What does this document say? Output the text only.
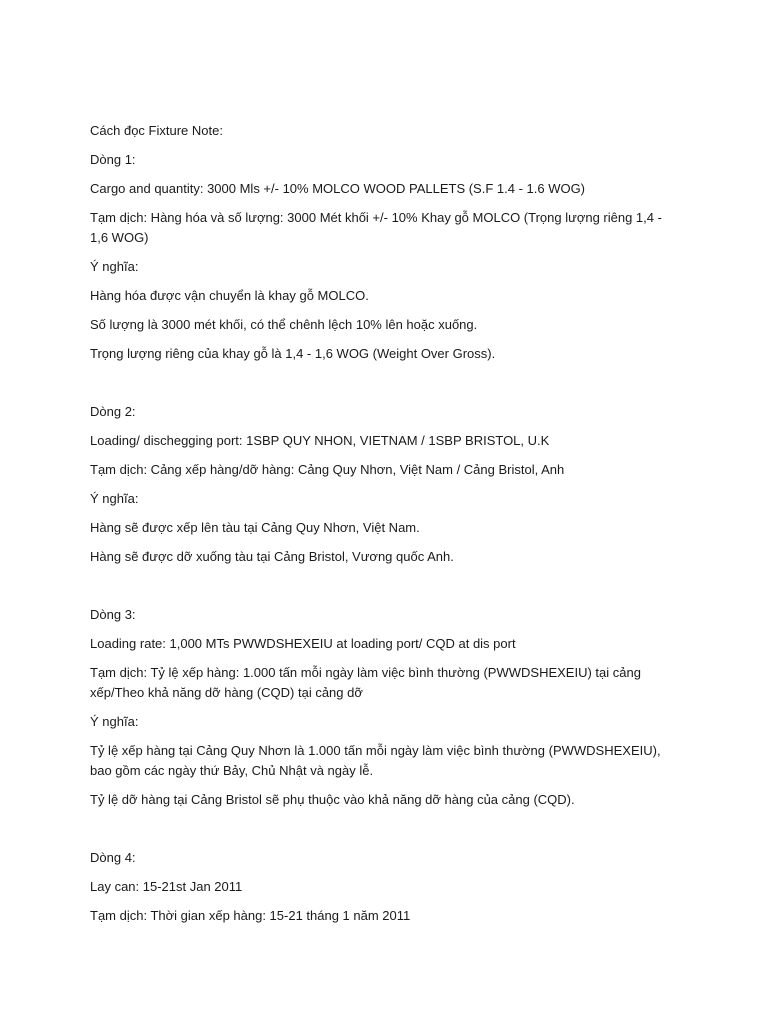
Cách đọc Fixture Note:

Dòng 1:

Cargo and quantity: 3000 Mls +/- 10% MOLCO WOOD PALLETS (S.F 1.4 - 1.6 WOG)

Tạm dịch: Hàng hóa và số lượng: 3000 Mét khối +/- 10% Khay gỗ MOLCO (Trọng lượng riêng 1,4 - 1,6 WOG)

Ý nghĩa:

Hàng hóa được vận chuyển là khay gỗ MOLCO.

Số lượng là 3000 mét khối, có thể chênh lệch 10% lên hoặc xuống.

Trọng lượng riêng của khay gỗ là 1,4 - 1,6 WOG (Weight Over Gross).

Dòng 2:

Loading/ dischegging port: 1SBP QUY NHON, VIETNAM / 1SBP BRISTOL, U.K

Tạm dịch: Cảng xếp hàng/dỡ hàng: Cảng Quy Nhơn, Việt Nam / Cảng Bristol, Anh

Ý nghĩa:

Hàng sẽ được xếp lên tàu tại Cảng Quy Nhơn, Việt Nam.

Hàng sẽ được dỡ xuống tàu tại Cảng Bristol, Vương quốc Anh.

Dòng 3:

Loading rate: 1,000 MTs PWWDSHEXEIU at loading port/ CQD at dis port

Tạm dịch: Tỷ lệ xếp hàng: 1.000 tấn mỗi ngày làm việc bình thường (PWWDSHEXEIU) tại cảng xếp/Theo khả năng dỡ hàng (CQD) tại cảng dỡ

Ý nghĩa:

Tỷ lệ xếp hàng tại Cảng Quy Nhơn là 1.000 tấn mỗi ngày làm việc bình thường (PWWDSHEXEIU), bao gồm các ngày thứ Bảy, Chủ Nhật và ngày lễ.

Tỷ lệ dỡ hàng tại Cảng Bristol sẽ phụ thuộc vào khả năng dỡ hàng của cảng (CQD).

Dòng 4:

Lay can: 15-21st Jan 2011

Tạm dịch: Thời gian xếp hàng: 15-21 tháng 1 năm 2011
